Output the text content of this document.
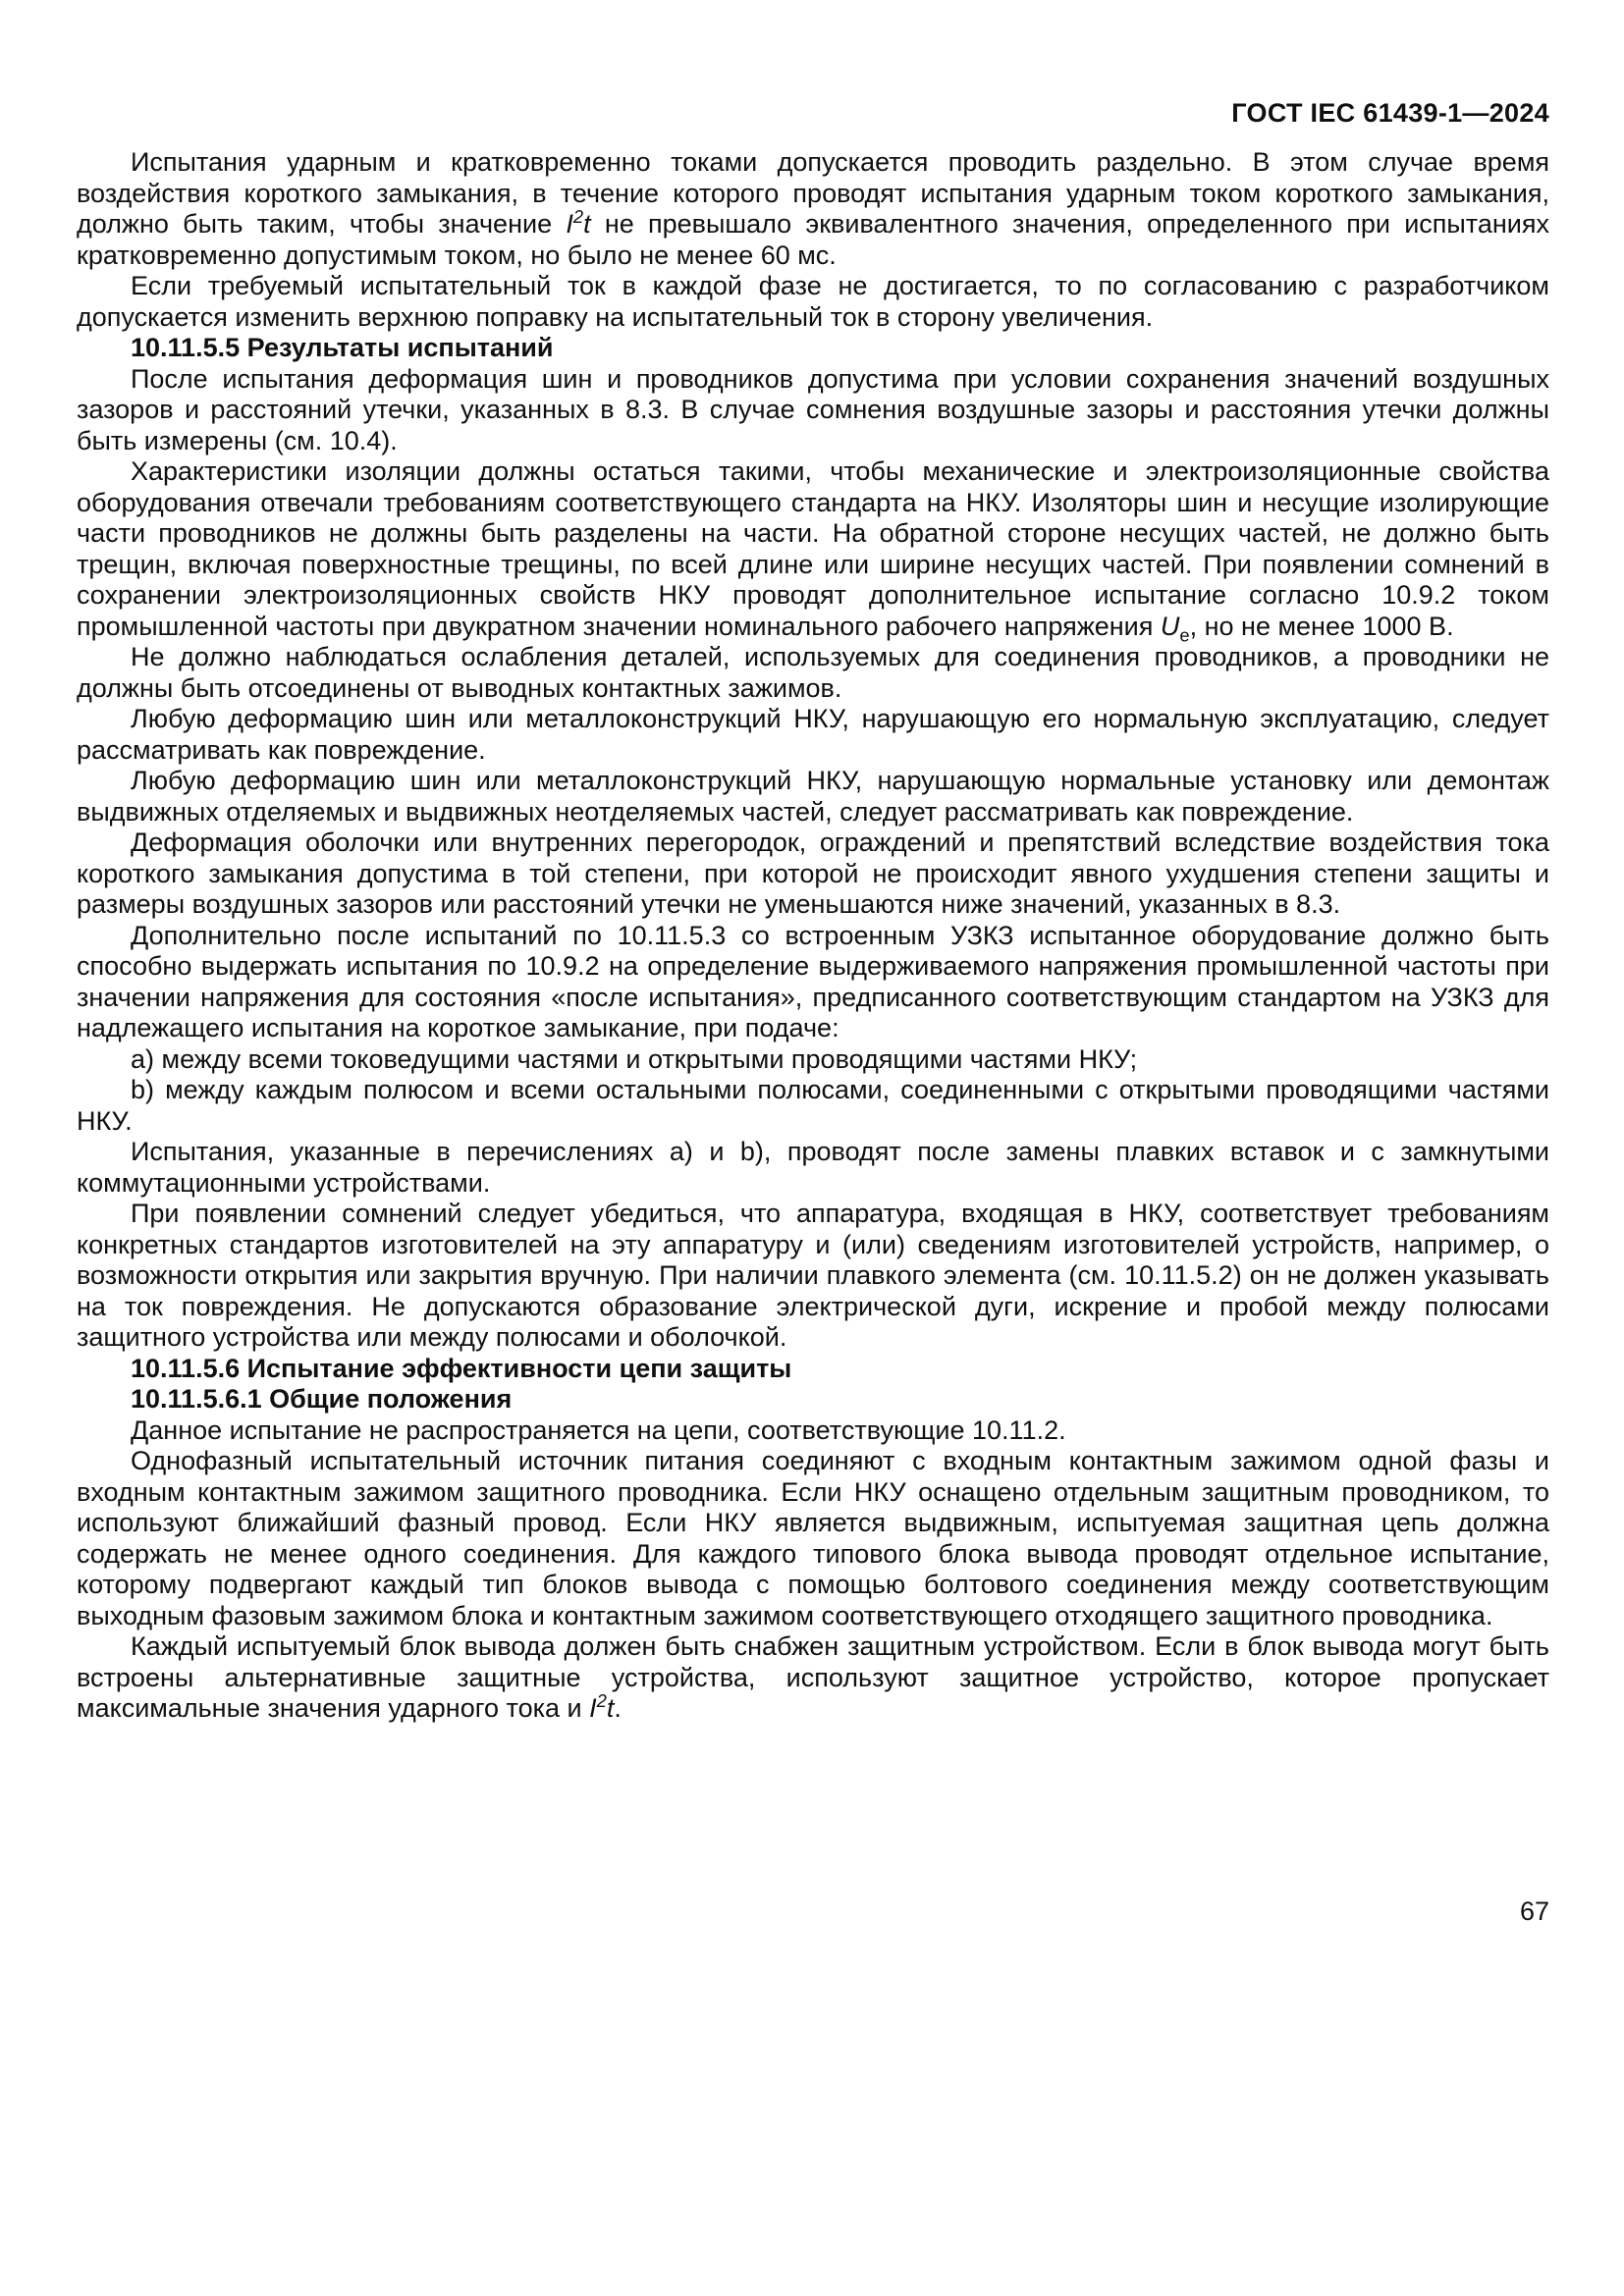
ГОСТ IEC 61439-1—2024

Испытания ударным и кратковременно токами допускается проводить раздельно. В этом случае время воздействия короткого замыкания, в течение которого проводят испытания ударным током короткого замыкания, должно быть таким, чтобы значение $I^2t$ не превышало эквивалентного значения, определенного при испытаниях кратковременно допустимым током, но было не менее 60 мс.

Если требуемый испытательный ток в каждой фазе не достигается, то по согласованию с разработчиком допускается изменить верхнюю поправку на испытательный ток в сторону увеличения.

10.11.5.5 Результаты испытаний

После испытания деформация шин и проводников допустима при условии сохранения значений воздушных зазоров и расстояний утечки, указанных в 8.3. В случае сомнения воздушные зазоры и расстояния утечки должны быть измерены (см. 10.4).

Характеристики изоляции должны остаться такими, чтобы механические и электроизоляционные свойства оборудования отвечали требованиям соответствующего стандарта на НКУ. Изоляторы шин и несущие изолирующие части проводников не должны быть разделены на части. На обратной стороне несущих частей, не должно быть трещин, включая поверхностные трещины, по всей длине или ширине несущих частей. При появлении сомнений в сохранении электроизоляционных свойств НКУ проводят дополнительное испытание согласно 10.9.2 током промышленной частоты при двукратном значении номинального рабочего напряжения $U_e$, но не менее 1000 В.

Не должно наблюдаться ослабления деталей, используемых для соединения проводников, а проводники не должны быть отсоединены от выводных контактных зажимов.

Любую деформацию шин или металлоконструкций НКУ, нарушающую его нормальную эксплуатацию, следует рассматривать как повреждение.

Любую деформацию шин или металлоконструкций НКУ, нарушающую нормальные установку или демонтаж выдвижных отделяемых и выдвижных неотделяемых частей, следует рассматривать как повреждение.

Деформация оболочки или внутренних перегородок, ограждений и препятствий вследствие воздействия тока короткого замыкания допустима в той степени, при которой не происходит явного ухудшения степени защиты и размеры воздушных зазоров или расстояний утечки не уменьшаются ниже значений, указанных в 8.3.

Дополнительно после испытаний по 10.11.5.3 со встроенным УЗКЗ испытанное оборудование должно быть способно выдержать испытания по 10.9.2 на определение выдерживаемого напряжения промышленной частоты при значении напряжения для состояния «после испытания», предписанного соответствующим стандартом на УЗКЗ для надлежащего испытания на короткое замыкание, при подаче:

a) между всеми токоведущими частями и открытыми проводящими частями НКУ;

b) между каждым полюсом и всеми остальными полюсами, соединенными с открытыми проводящими частями НКУ.

Испытания, указанные в перечислениях a) и b), проводят после замены плавких вставок и с замкнутыми коммутационными устройствами.

При появлении сомнений следует убедиться, что аппаратура, входящая в НКУ, соответствует требованиям конкретных стандартов изготовителей на эту аппаратуру и (или) сведениям изготовителей устройств, например, о возможности открытия или закрытия вручную. При наличии плавкого элемента (см. 10.11.5.2) он не должен указывать на ток повреждения. Не допускаются образование электрической дуги, искрение и пробой между полюсами защитного устройства или между полюсами и оболочкой.

10.11.5.6 Испытание эффективности цепи защиты

10.11.5.6.1 Общие положения

Данное испытание не распространяется на цепи, соответствующие 10.11.2.

Однофазный испытательный источник питания соединяют с входным контактным зажимом одной фазы и входным контактным зажимом защитного проводника. Если НКУ оснащено отдельным защитным проводником, то используют ближайший фазный провод. Если НКУ является выдвижным, испытуемая защитная цепь должна содержать не менее одного соединения. Для каждого типового блока вывода проводят отдельное испытание, которому подвергают каждый тип блоков вывода с помощью болтового соединения между соответствующим выходным фазовым зажимом блока и контактным зажимом соответствующего отходящего защитного проводника.

Каждый испытуемый блок вывода должен быть снабжен защитным устройством. Если в блок вывода могут быть встроены альтернативные защитные устройства, используют защитное устройство, которое пропускает максимальные значения ударного тока и $I^2t$.

67
